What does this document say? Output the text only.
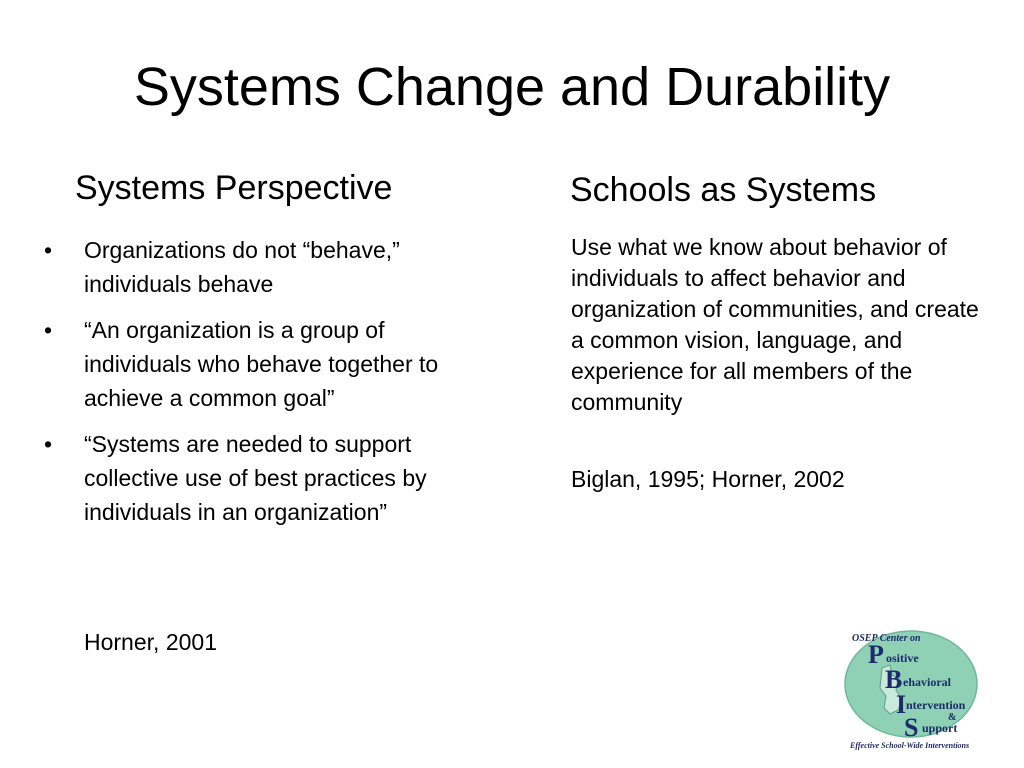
Systems Change and Durability
Systems Perspective	Schools as Systems
• Organizations do not “behave,” individuals behave
• “An organization is a group of individuals who behave together to achieve a common goal”
• “Systems are needed to support collective use of best practices by individuals in an organization”

Horner, 2001

Use what we know about behavior of individuals to affect behavior and organization of communities, and create a common vision, language, and experience for all members of the community

Biglan, 1995; Horner, 2002

OSEP Center on
P ositive
B ehavioral
I ntervention
&
S upport
Effective School-Wide Interventions
